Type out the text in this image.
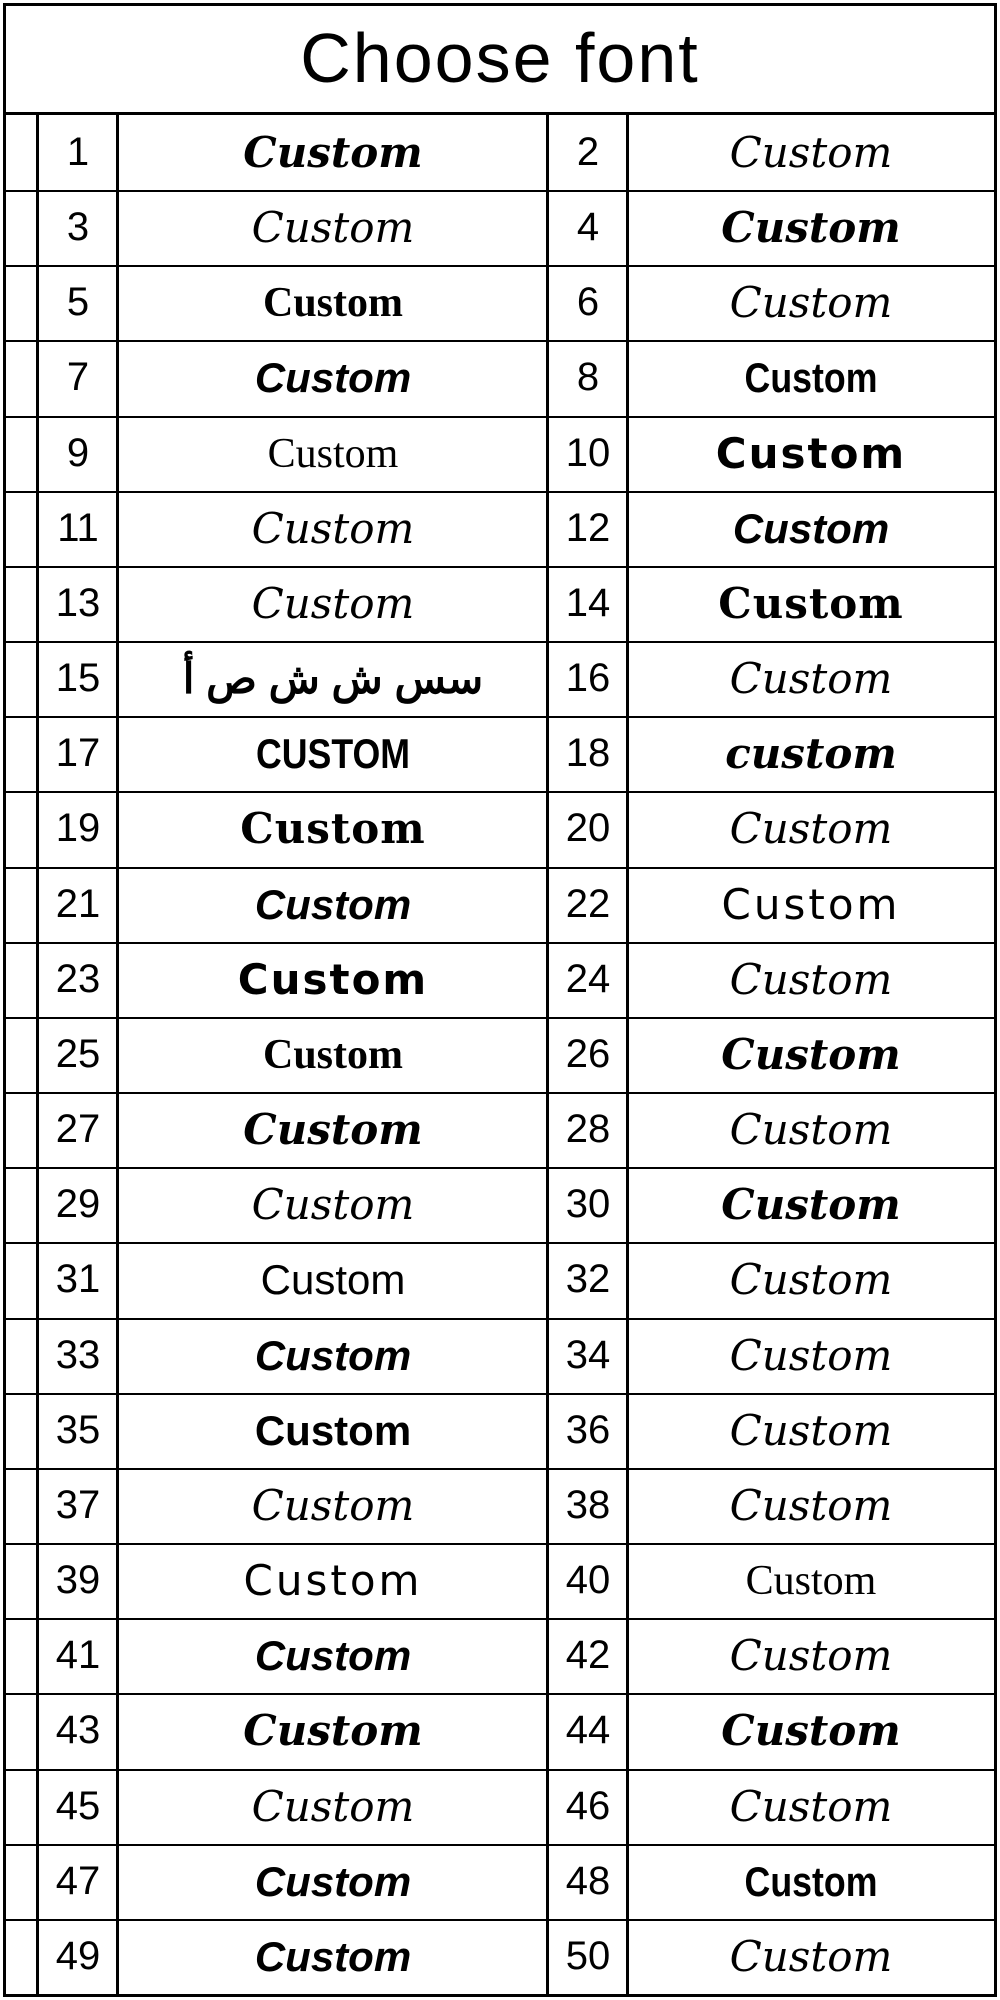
Choose font
1	Custom	2	Custom
3	Custom	4	Custom
5	Custom	6	Custom
7	Custom	8	Custom
9	Custom	10	Custom
11	Custom	12	Custom
13	Custom	14	Custom
15	سس ش ش ص أ	16	Custom
17	CUSTOM	18	custom
19	Custom	20	Custom
21	Custom	22	Custom
23	Custom	24	Custom
25	Custom	26	Custom
27	Custom	28	Custom
29	Custom	30	Custom
31	Custom	32	Custom
33	Custom	34	Custom
35	Custom	36	Custom
37	Custom	38	Custom
39	Custom	40	Custom
41	Custom	42	Custom
43	Custom	44	Custom
45	Custom	46	Custom
47	Custom	48	Custom
49	Custom	50	Custom
